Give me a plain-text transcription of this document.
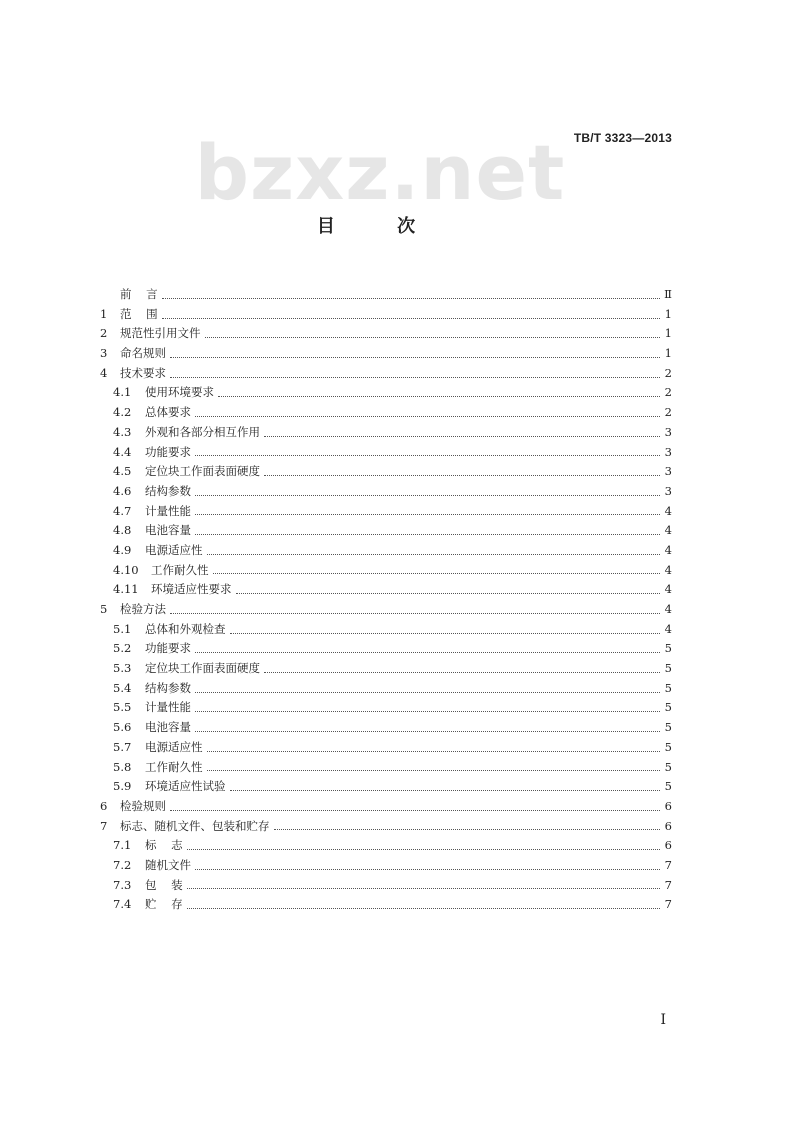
TB/T 3323—2013
bzxz.net
目 次
前    言	Ⅱ
1	范    围	1
2	规范性引用文件	1
3	命名规则	1
4	技术要求	2
4.1	使用环境要求	2
4.2	总体要求	2
4.3	外观和各部分相互作用	3
4.4	功能要求	3
4.5	定位块工作面表面硬度	3
4.6	结构参数	3
4.7	计量性能	4
4.8	电池容量	4
4.9	电源适应性	4
4.10	工作耐久性	4
4.11	环境适应性要求	4
5	检验方法	4
5.1	总体和外观检查	4
5.2	功能要求	5
5.3	定位块工作面表面硬度	5
5.4	结构参数	5
5.5	计量性能	5
5.6	电池容量	5
5.7	电源适应性	5
5.8	工作耐久性	5
5.9	环境适应性试验	5
6	检验规则	6
7	标志、随机文件、包装和贮存	6
7.1	标    志	6
7.2	随机文件	7
7.3	包    装	7
7.4	贮    存	7
Ⅰ
